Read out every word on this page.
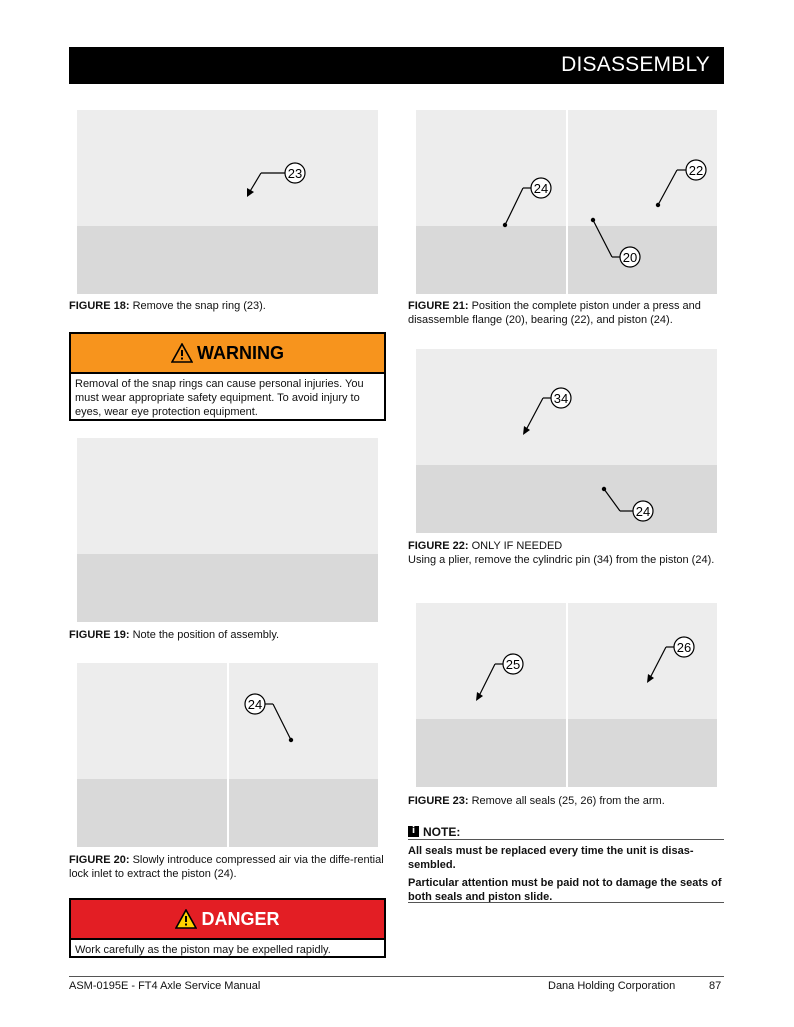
DISASSEMBLY
23
FIGURE 18: Remove the snap ring (23).
WARNING
Removal of the snap rings can cause personal injuries. You must wear appropriate safety equipment. To avoid injury to eyes, wear eye protection equipment.
FIGURE 19: Note the position of assembly.
24
FIGURE 20: Slowly introduce compressed air via the diffe-rential lock inlet to extract the piston (24).
DANGER
Work carefully as the piston may be expelled rapidly.
24
22
20
FIGURE 21: Position the complete piston under a press and disassemble flange (20), bearing (22), and piston (24).
34
24
FIGURE 22: ONLY IF NEEDED
Using a plier, remove the cylindric pin (34) from the piston (24).
25
26
FIGURE 23: Remove all seals (25, 26) from the arm.
i NOTE:

All seals must be replaced every time the unit is disas-sembled.

Particular attention must be paid not to damage the seats of both seals and piston slide.

ASM-0195E - FT4 Axle Service Manual	Dana Holding Corporation	87
